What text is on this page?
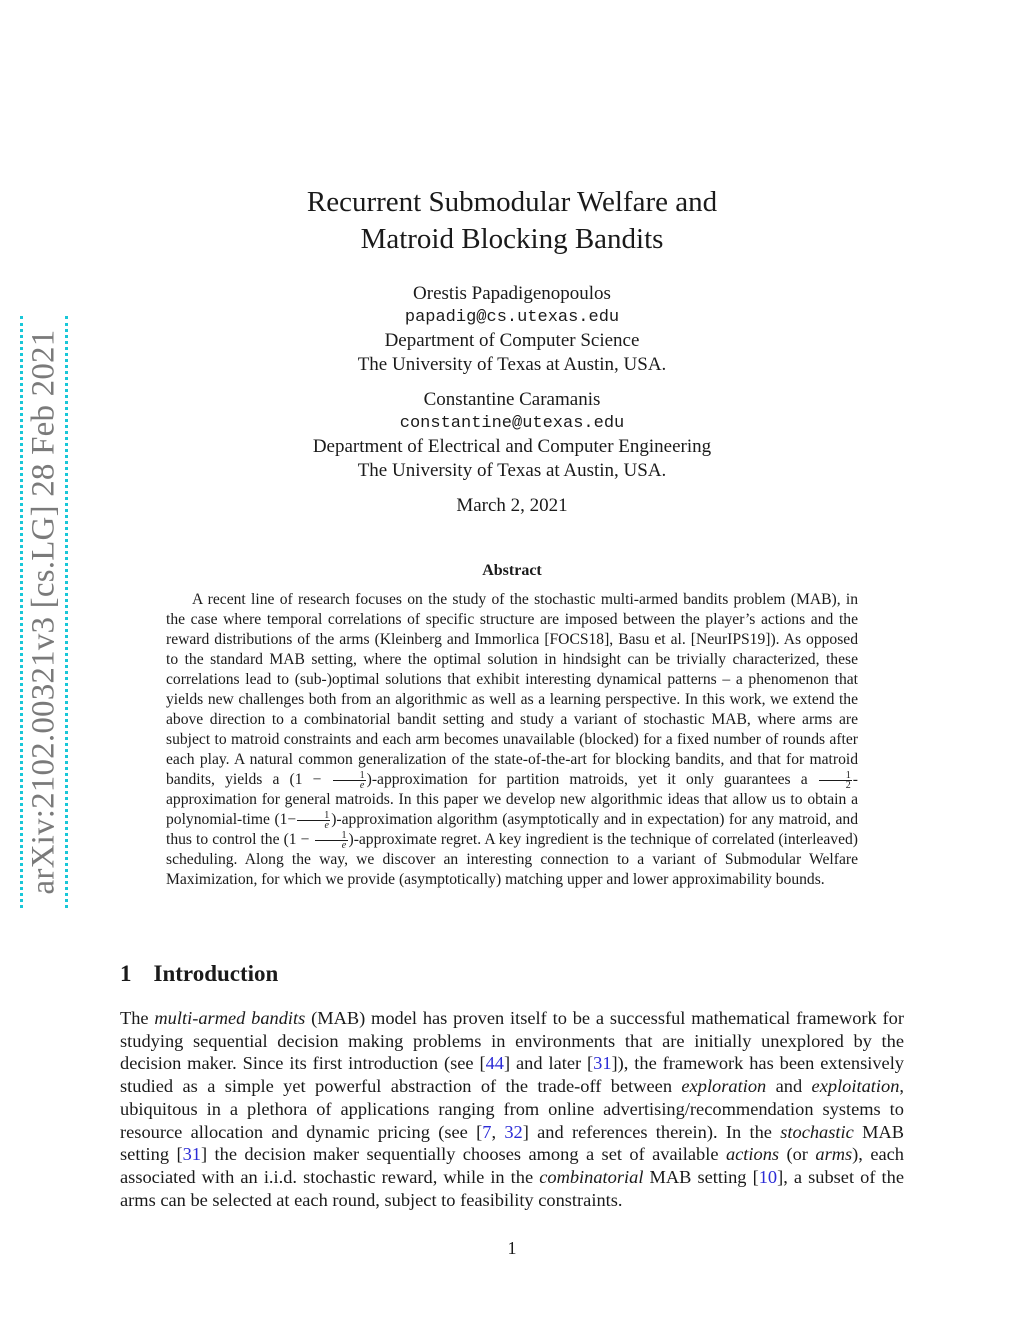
arXiv:2102.00321v3 [cs.LG] 28 Feb 2021
Recurrent Submodular Welfare and
Matroid Blocking Bandits
Orestis Papadigenopoulos
papadig@cs.utexas.edu
Department of Computer Science
The University of Texas at Austin, USA.
Constantine Caramanis
constantine@utexas.edu
Department of Electrical and Computer Engineering
The University of Texas at Austin, USA.
March 2, 2021
Abstract

A recent line of research focuses on the study of the stochastic multi-armed bandits problem (MAB), in the case where temporal correlations of specific structure are imposed between the player’s actions and the reward distributions of the arms (Kleinberg and Immorlica [FOCS18], Basu et al. [NeurIPS19]). As opposed to the standard MAB setting, where the optimal solution in hindsight can be trivially characterized, these correlations lead to (sub-)optimal solutions that exhibit interesting dynamical patterns – a phenomenon that yields new challenges both from an algorithmic as well as a learning perspective. In this work, we extend the above direction to a combinatorial bandit setting and study a variant of stochastic MAB, where arms are subject to matroid constraints and each arm becomes unavailable (blocked) for a fixed number of rounds after each play. A natural common generalization of the state-of-the-art for blocking bandits, and that for matroid bandits, yields a ($1 - \frac{1}{e}$ )-approximation for partition matroids, yet it only guarantees a $\frac{1}{2}$ -approximation for general matroids. In this paper we develop new algorithmic ideas that allow us to obtain a polynomial-time ($1- \frac{1}{e}$ )-approximation algorithm (asymptotically and in expectation) for any matroid, and thus to control the ($1 - \frac{1}{e}$ )-approximate regret. A key ingredient is the technique of correlated (interleaved) scheduling. Along the way, we discover an interesting connection to a variant of Submodular Welfare Maximization, for which we provide (asymptotically) matching upper and lower approximability bounds.

1 Introduction

The multi-armed bandits (MAB) model has proven itself to be a successful mathematical framework for studying sequential decision making problems in environments that are initially unexplored by the decision maker. Since its first introduction (see [44] and later [31]), the framework has been extensively studied as a simple yet powerful abstraction of the trade-off between exploration and exploitation, ubiquitous in a plethora of applications ranging from online advertising/recommendation systems to resource allocation and dynamic pricing (see [7, 32] and references therein). In the stochastic MAB setting [31] the decision maker sequentially chooses among a set of available actions (or arms), each associated with an i.i.d. stochastic reward, while in the combinatorial MAB setting [10], a subset of the arms can be selected at each round, subject to feasibility constraints.

1
